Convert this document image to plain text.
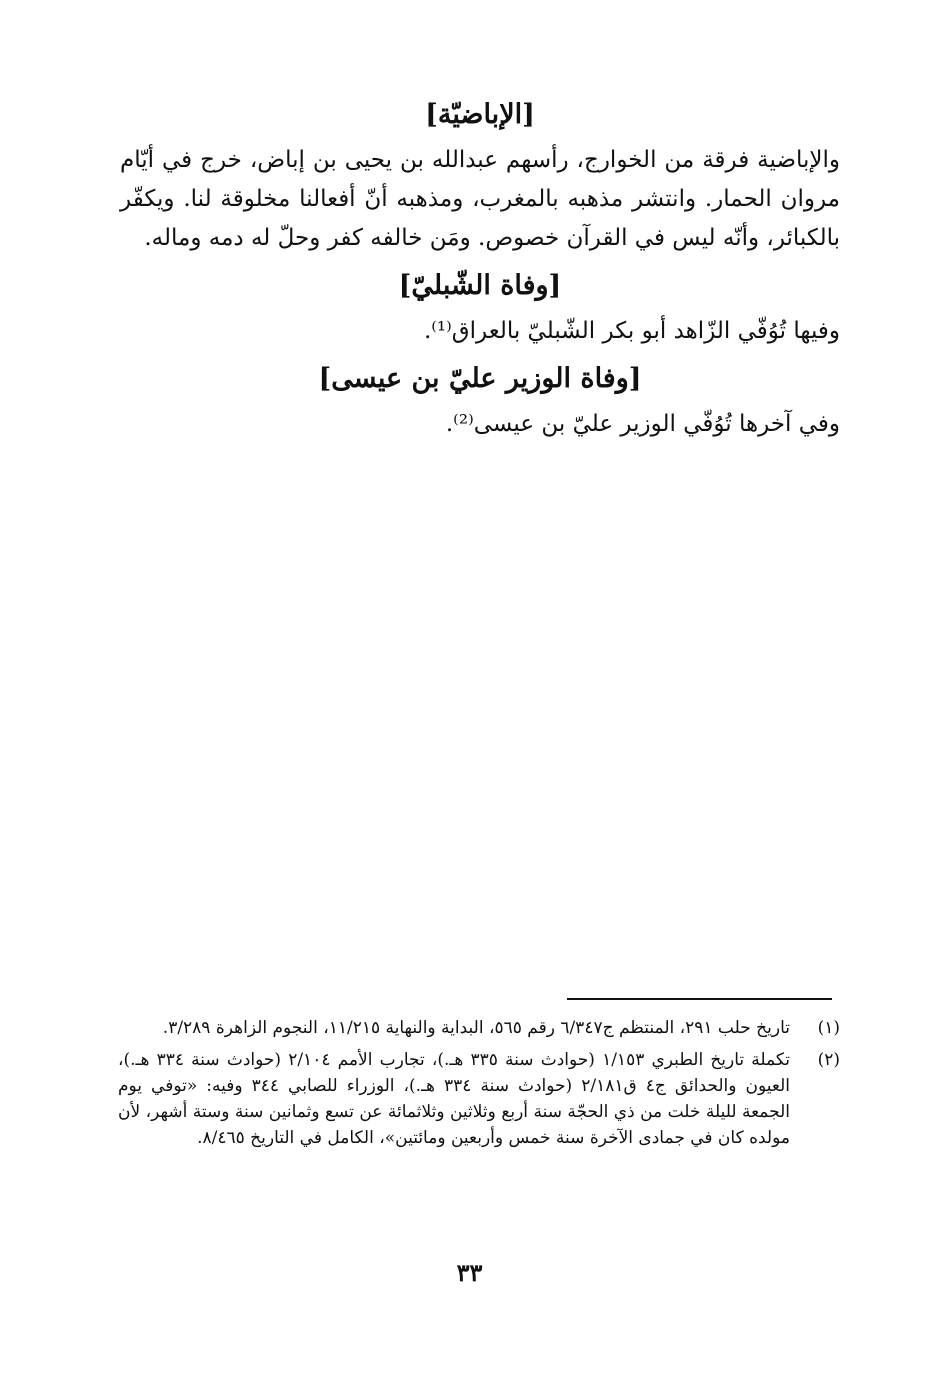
[الإباضيّة]

والإباضية فرقة من الخوارج، رأسهم عبدالله بن يحيى بن إباض، خرج في أيّام مروان الحمار. وانتشر مذهبه بالمغرب، ومذهبه أنّ أفعالنا مخلوقة لنا. ويكفّر بالكبائر، وأنّه ليس في القرآن خصوص. ومَن خالفه كفر وحلّ له دمه وماله.

[وفاة الشّبليّ]

وفيها تُوُفّي الزّاهد أبو بكر الشّبليّ بالعراق⁽¹⁾.

[وفاة الوزير عليّ بن عيسى]

وفي آخرها تُوُفّي الوزير عليّ بن عيسى⁽²⁾.

(١)
تاريخ حلب ٢٩١، المنتظم ج٦/٣٤٧ رقم ٥٦٥، البداية والنهاية ١١/٢١٥، النجوم الزاهرة ٣/٢٨٩.
(٢)
تكملة تاريخ الطبري ١/١٥٣ (حوادث سنة ٣٣٥ هـ.)، تجارب الأمم ٢/١٠٤ (حوادث سنة ٣٣٤ هـ.)، العيون والحدائق ج٤ ق٢/١٨١ (حوادث سنة ٣٣٤ هـ.)، الوزراء للصابي ٣٤٤ وفيه: «توفي يوم الجمعة لليلة خلت من ذي الحجّة سنة أربع وثلاثين وثلاثمائة عن تسع وثمانين سنة وستة أشهر، لأن مولده كان في جمادى الآخرة سنة خمس وأربعين ومائتين»، الكامل في التاريخ ٨/٤٦٥.
٣٣
